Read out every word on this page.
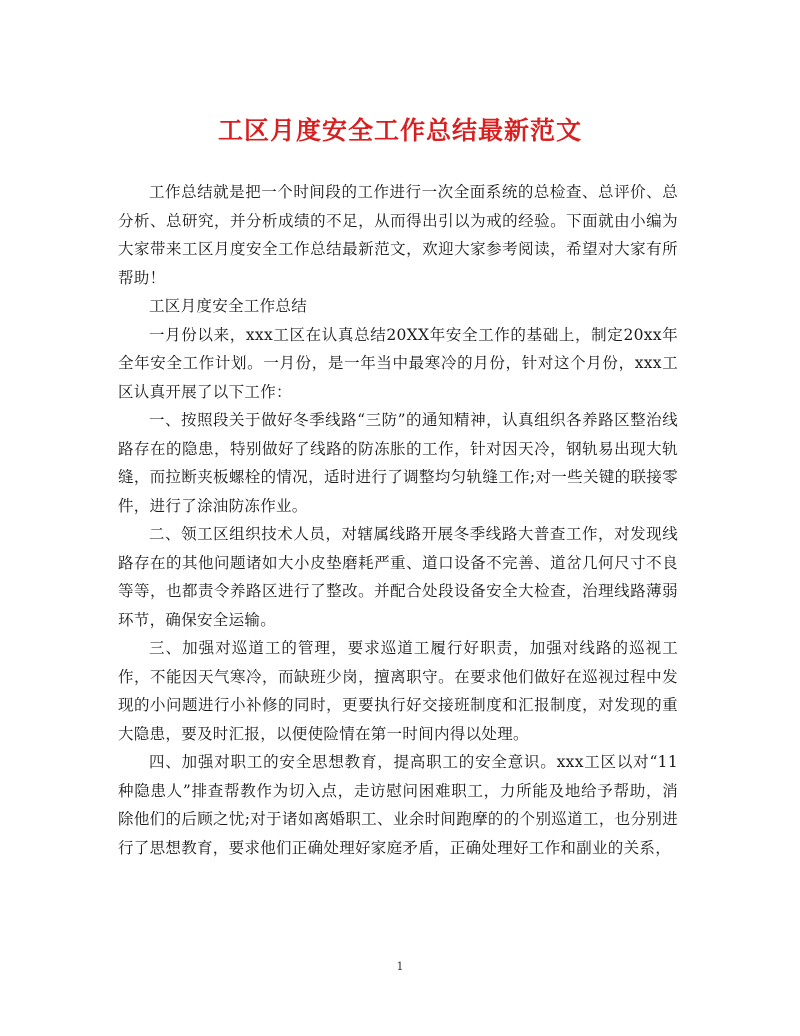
工区月度安全工作总结最新范文

工作总结就是把一个时间段的工作进行一次全面系统的总检查、总评价、总分析、总研究，并分析成绩的不足，从而得出引以为戒的经验。下面就由小编为大家带来工区月度安全工作总结最新范文，欢迎大家参考阅读，希望对大家有所帮助！

工区月度安全工作总结

一月份以来，xxx工区在认真总结20XX年安全工作的基础上，制定20xx年全年安全工作计划。一月份，是一年当中最寒冷的月份，针对这个月份，xxx工区认真开展了以下工作：

一、按照段关于做好冬季线路“三防”的通知精神，认真组织各养路区整治线路存在的隐患，特别做好了线路的防冻胀的工作，针对因天冷，钢轨易出现大轨缝，而拉断夹板螺栓的情况，适时进行了调整均匀轨缝工作;对一些关键的联接零件，进行了涂油防冻作业。

二、领工区组织技术人员，对辖属线路开展冬季线路大普查工作，对发现线路存在的其他问题诸如大小皮垫磨耗严重、道口设备不完善、道岔几何尺寸不良等等，也都责令养路区进行了整改。并配合处段设备安全大检查，治理线路薄弱环节，确保安全运输。

三、加强对巡道工的管理，要求巡道工履行好职责，加强对线路的巡视工作，不能因天气寒冷，而缺班少岗，擅离职守。在要求他们做好在巡视过程中发现的小问题进行小补修的同时，更要执行好交接班制度和汇报制度，对发现的重大隐患，要及时汇报，以便使险情在第一时间内得以处理。

四、加强对职工的安全思想教育，提高职工的安全意识。xxx工区以对“11种隐患人”排查帮教作为切入点，走访慰问困难职工，力所能及地给予帮助，消除他们的后顾之忧;对于诸如离婚职工、业余时间跑摩的的个别巡道工，也分别进行了思想教育，要求他们正确处理好家庭矛盾，正确处理好工作和副业的关系，

1
